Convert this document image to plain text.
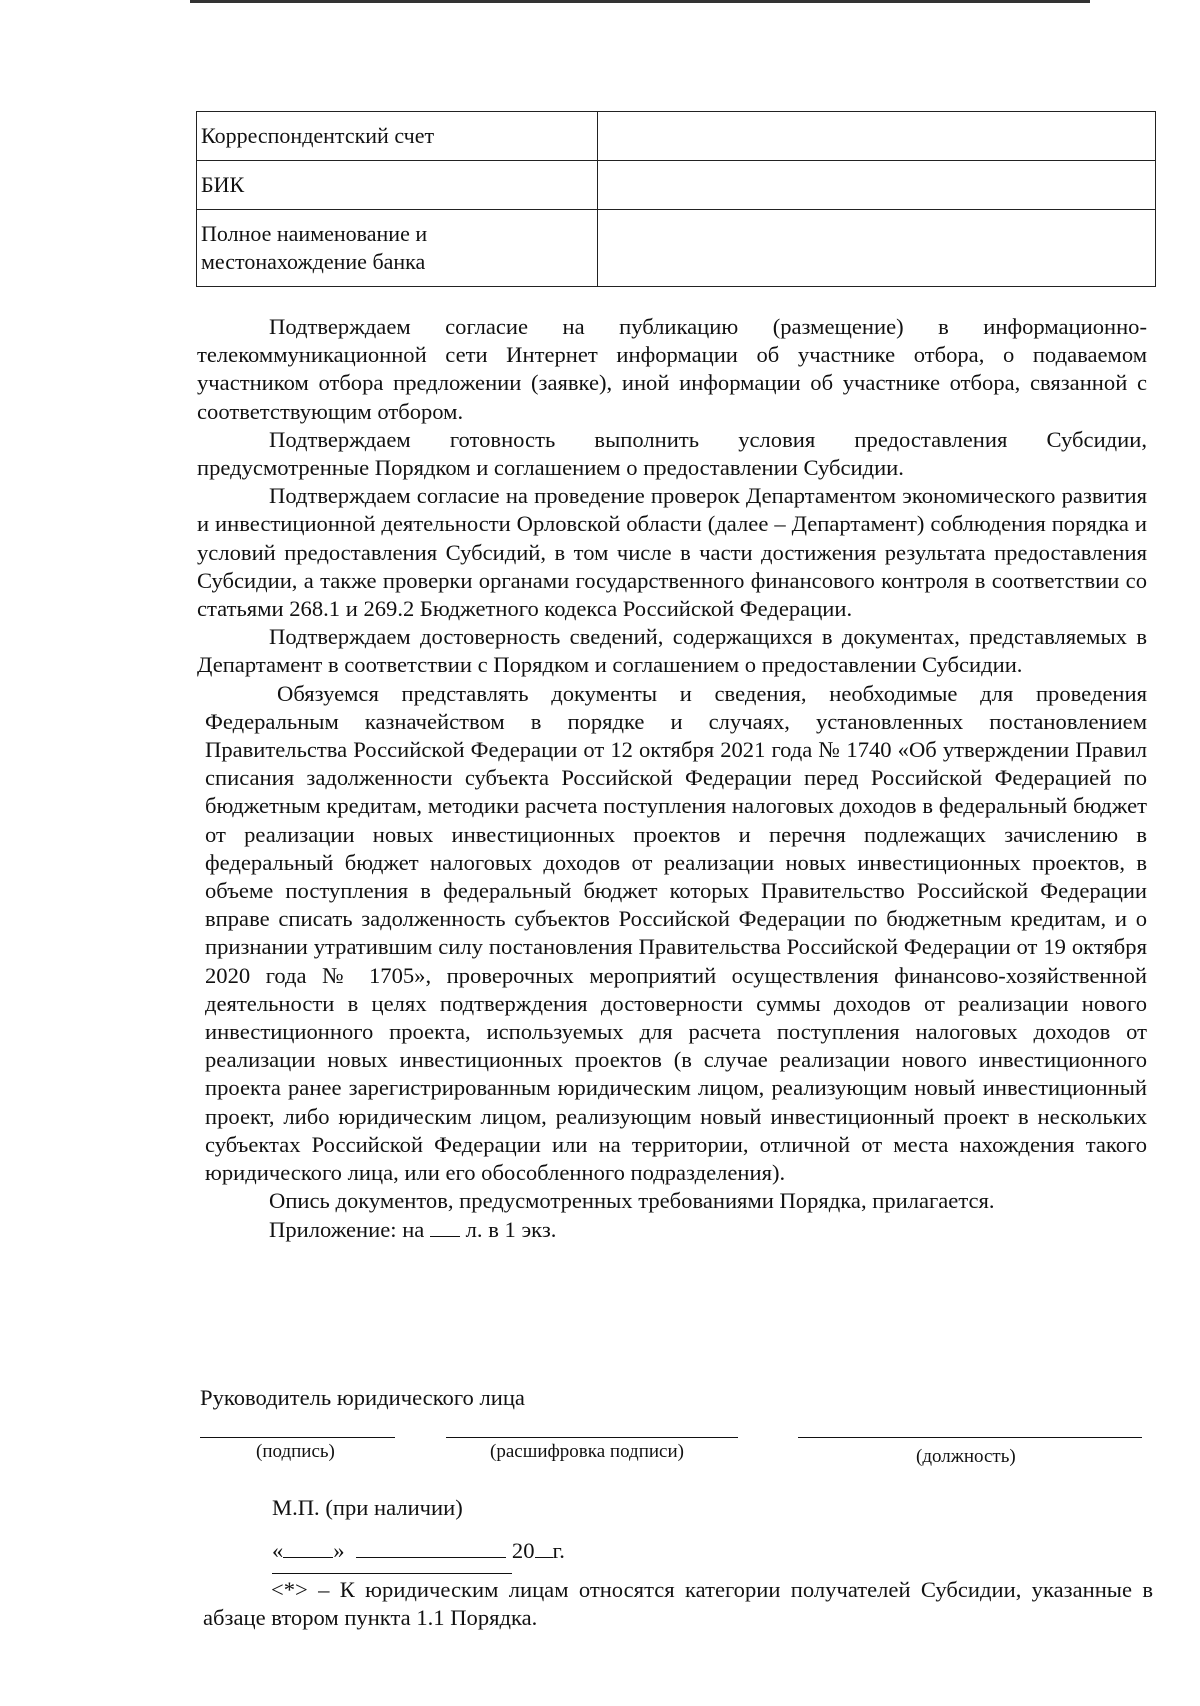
Корреспондентский счет	
БИК	
Полное наименование и местонахождение банка	

Подтверждаем согласие на публикацию (размещение) в информационно-телекоммуникационной сети Интернет информации об участнике отбора, о подаваемом участником отбора предложении (заявке), иной информации об участнике отбора, связанной с соответствующим отбором.

Подтверждаем готовность выполнить условия предоставления Субсидии, предусмотренные Порядком и соглашением о предоставлении Субсидии.

Подтверждаем согласие на проведение проверок Департаментом экономического развития и инвестиционной деятельности Орловской области (далее – Департамент) соблюдения порядка и условий предоставления Субсидий, в том числе в части достижения результата предоставления Субсидии, а также проверки органами государственного финансового контроля в соответствии со статьями 268.1 и 269.2 Бюджетного кодекса Российской Федерации.

Подтверждаем достоверность сведений, содержащихся в документах, представляемых в Департамент в соответствии с Порядком и соглашением о предоставлении Субсидии.

Обязуемся представлять документы и сведения, необходимые для проведения Федеральным казначейством в порядке и случаях, установленных постановлением Правительства Российской Федерации от 12 октября 2021 года № 1740 «Об утверждении Правил списания задолженности субъекта Российской Федерации перед Российской Федерацией по бюджетным кредитам, методики расчета поступления налоговых доходов в федеральный бюджет от реализации новых инвестиционных проектов и перечня подлежащих зачислению в федеральный бюджет налоговых доходов от реализации новых инвестиционных проектов, в объеме поступления в федеральный бюджет которых Правительство Российской Федерации вправе списать задолженность субъектов Российской Федерации по бюджетным кредитам, и о признании утратившим силу постановления Правительства Российской Федерации от 19 октября 2020 года № 1705», проверочных мероприятий осуществления финансово-хозяйственной деятельности в целях подтверждения достоверности суммы доходов от реализации нового инвестиционного проекта, используемых для расчета поступления налоговых доходов от реализации новых инвестиционных проектов (в случае реализации нового инвестиционного проекта ранее зарегистрированным юридическим лицом, реализующим новый инвестиционный проект, либо юридическим лицом, реализующим новый инвестиционный проект в нескольких субъектах Российской Федерации или на территории, отличной от места нахождения такого юридического лица, или его обособленного подразделения).

Опись документов, предусмотренных требованиями Порядка, прилагается.

Приложение: на л. в 1 экз.

Руководитель юридического лица
(подпись)	(расшифровка подписи)	(должность)
М.П. (при наличии)
« »	20 г.

<*> – К юридическим лицам относятся категории получателей Субсидии, указанные в абзаце втором пункта 1.1 Порядка.
